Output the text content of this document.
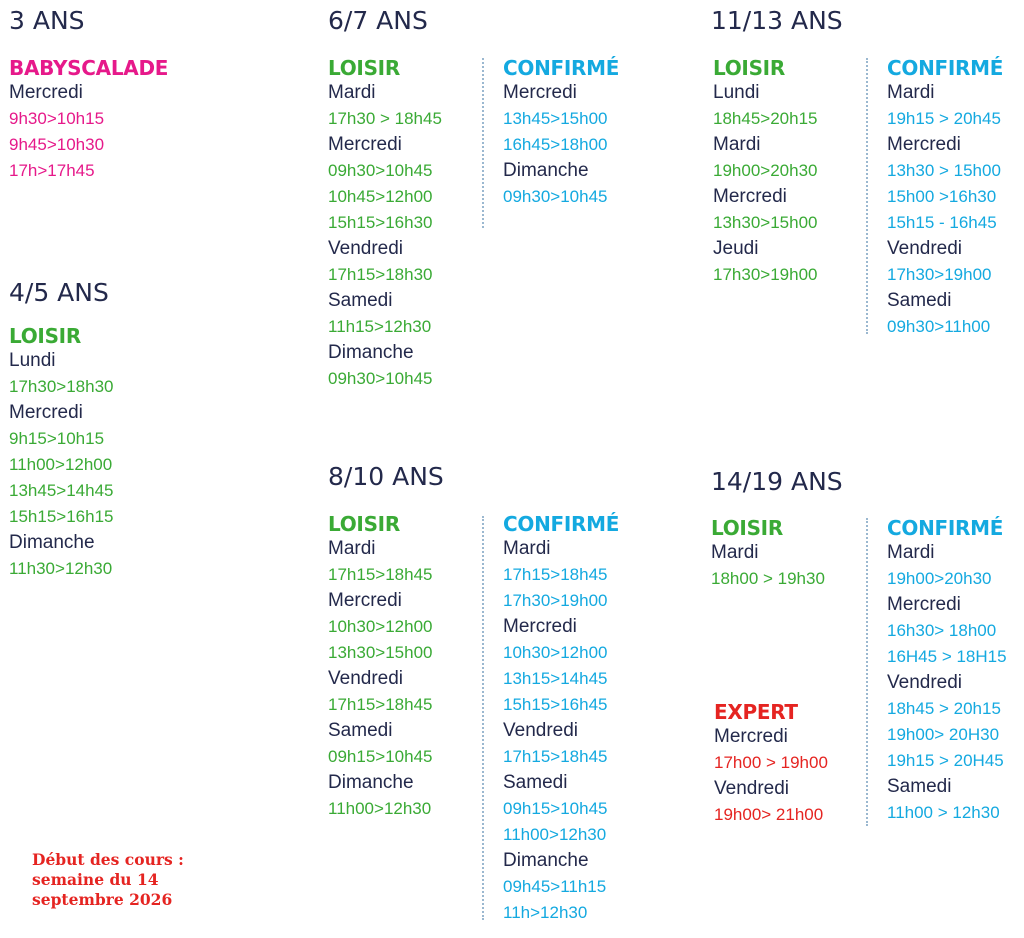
3 ANS
BABYSCALADE
Mercredi
9h30>10h15
9h45>10h30
17h>17h45
4/5 ANS
LOISIR
Lundi
17h30>18h30
Mercredi
9h15>10h15
11h00>12h00
13h45>14h45
15h15>16h15
Dimanche
11h30>12h30
Début des cours :
semaine du 14
septembre 2026
6/7 ANS
LOISIR
Mardi
17h30 > 18h45
Mercredi
09h30>10h45
10h45>12h00
15h15>16h30
Vendredi
17h15>18h30
Samedi
11h15>12h30
Dimanche
09h30>10h45
CONFIRMÉ
Mercredi
13h45>15h00
16h45>18h00
Dimanche
09h30>10h45
8/10 ANS
LOISIR
Mardi
17h15>18h45
Mercredi
10h30>12h00
13h30>15h00
Vendredi
17h15>18h45
Samedi
09h15>10h45
Dimanche
11h00>12h30
CONFIRMÉ
Mardi
17h15>18h45
17h30>19h00
Mercredi
10h30>12h00
13h15>14h45
15h15>16h45
Vendredi
17h15>18h45
Samedi
09h15>10h45
11h00>12h30
Dimanche
09h45>11h15
11h>12h30
11/13 ANS
LOISIR
Lundi
18h45>20h15
Mardi
19h00>20h30
Mercredi
13h30>15h00
Jeudi
17h30>19h00
CONFIRMÉ
Mardi
19h15 > 20h45
Mercredi
13h30 > 15h00
15h00 >16h30
15h15 - 16h45
Vendredi
17h30>19h00
Samedi
09h30>11h00
14/19 ANS
LOISIR
Mardi
18h00 > 19h30
EXPERT
Mercredi
17h00 > 19h00
Vendredi
19h00> 21h00
CONFIRMÉ
Mardi
19h00>20h30
Mercredi
16h30> 18h00
16H45 > 18H15
Vendredi
18h45 > 20h15
19h00> 20H30
19h15 > 20H45
Samedi
11h00 > 12h30
